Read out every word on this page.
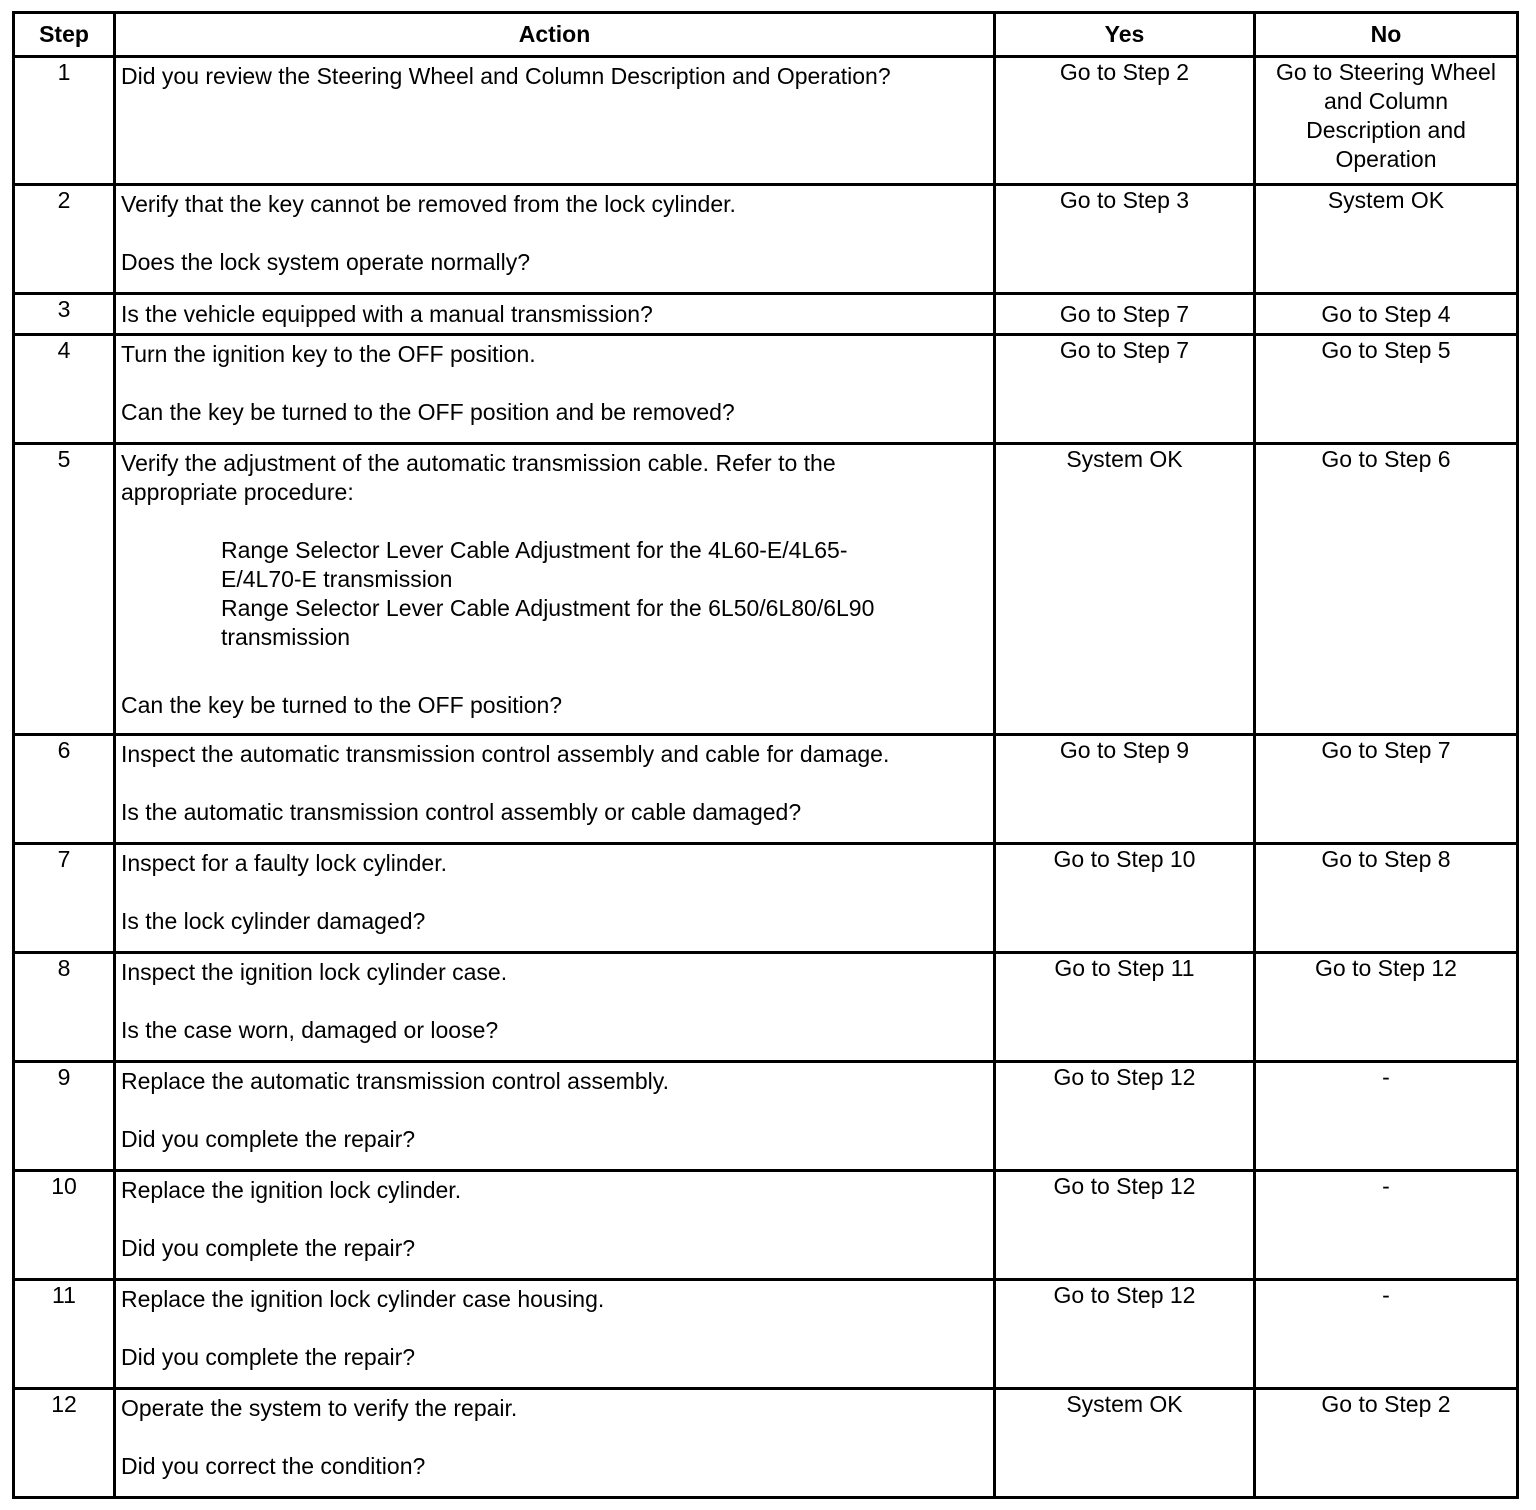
Step	Action	Yes	No
1	Did you review the Steering Wheel and Column Description and Operation?	Go to Step 2	Go to Steering Wheel
and Column
Description and
Operation

2	Verify that the key cannot be removed from the lock cylinder.
Does the lock system operate normally?	Go to Step 3	System OK
3	Is the vehicle equipped with a manual transmission?	Go to Step 7	Go to Step 4
4	Turn the ignition key to the OFF position.
Can the key be turned to the OFF position and be removed?	Go to Step 7	Go to Step 5
5	Verify the adjustment of the automatic transmission cable. Refer to the appropriate procedure:
Range Selector Lever Cable Adjustment for the 4L60-E/4L65-E/4L70-E transmission
Range Selector Lever Cable Adjustment for the 6L50/6L80/6L90 transmission
Can the key be turned to the OFF position?	System OK	Go to Step 6
6	Inspect the automatic transmission control assembly and cable for damage.
Is the automatic transmission control assembly or cable damaged?	Go to Step 9	Go to Step 7
7	Inspect for a faulty lock cylinder.
Is the lock cylinder damaged?	Go to Step 10	Go to Step 8
8	Inspect the ignition lock cylinder case.
Is the case worn, damaged or loose?	Go to Step 11	Go to Step 12
9	Replace the automatic transmission control assembly.
Did you complete the repair?	Go to Step 12	-
10	Replace the ignition lock cylinder.
Did you complete the repair?	Go to Step 12	-
11	Replace the ignition lock cylinder case housing.
Did you complete the repair?	Go to Step 12	-
12	Operate the system to verify the repair.
Did you correct the condition?	System OK	Go to Step 2
